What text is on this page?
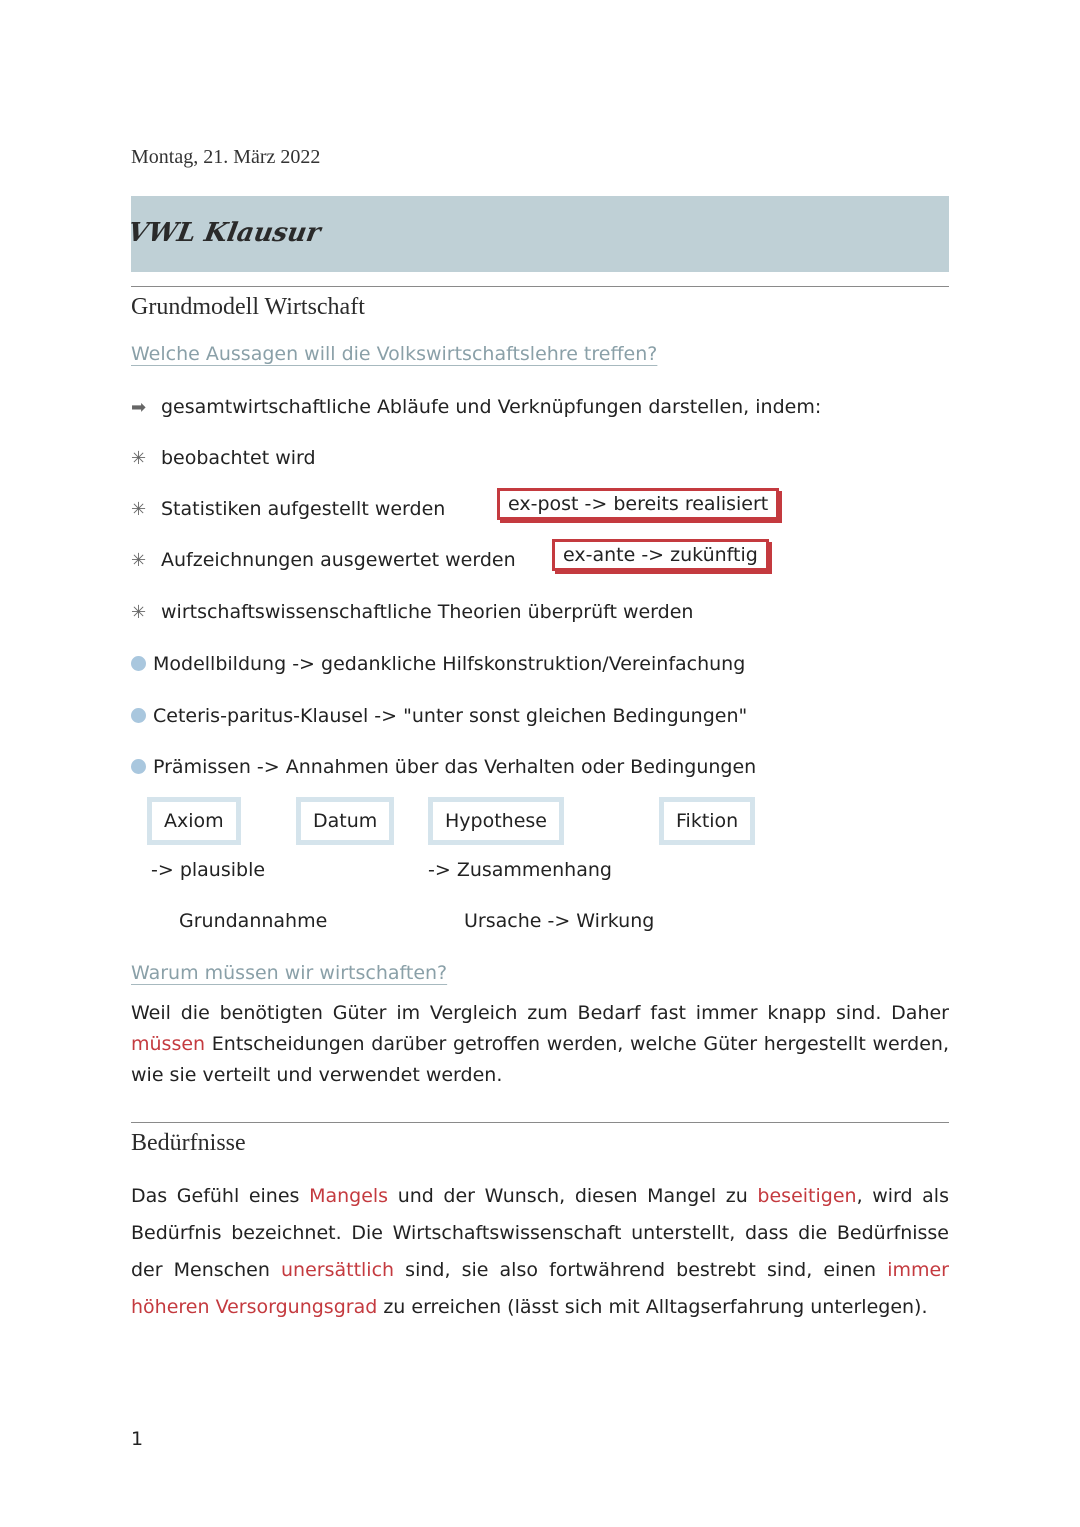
Montag, 21. März 2022
VWL Klausur
Grundmodell Wirtschaft
Welche Aussagen will die Volkswirtschaftslehre treffen?
➡ gesamtwirtschaftliche Abläufe und Verknüpfungen darstellen, indem:
✳ beobachtet wird
✳ Statistiken aufgestellt werden	ex-post -> bereits realisiert
✳ Aufzeichnungen ausgewertet werden	ex-ante -> zukünftig
✳ wirtschaftswissenschaftliche Theorien überprüft werden
Modellbildung -> gedankliche Hilfskonstruktion/Vereinfachung
Ceteris-paritus-Klausel -> "unter sonst gleichen Bedingungen"
Prämissen -> Annahmen über das Verhalten oder Bedingungen
Axiom	Datum	Hypothese	Fiktion
-> plausible	-> Zusammenhang
Grundannahme	Ursache -> Wirkung
Warum müssen wir wirtschaften?
Weil die benötigten Güter im Vergleich zum Bedarf fast immer knapp sind. Daher müssen Entscheidungen darüber getroffen werden, welche Güter hergestellt werden, wie sie verteilt und verwendet werden.
Bedürfnisse
Das Gefühl eines Mangels und der Wunsch, diesen Mangel zu beseitigen, wird als Bedürfnis bezeichnet. Die Wirtschaftswissenschaft unterstellt, dass die Bedürfnisse der Menschen unersättlich sind, sie also fortwährend bestrebt sind, einen immer höheren Versorgungsgrad zu erreichen (lässt sich mit Alltagserfahrung unterlegen).
1
